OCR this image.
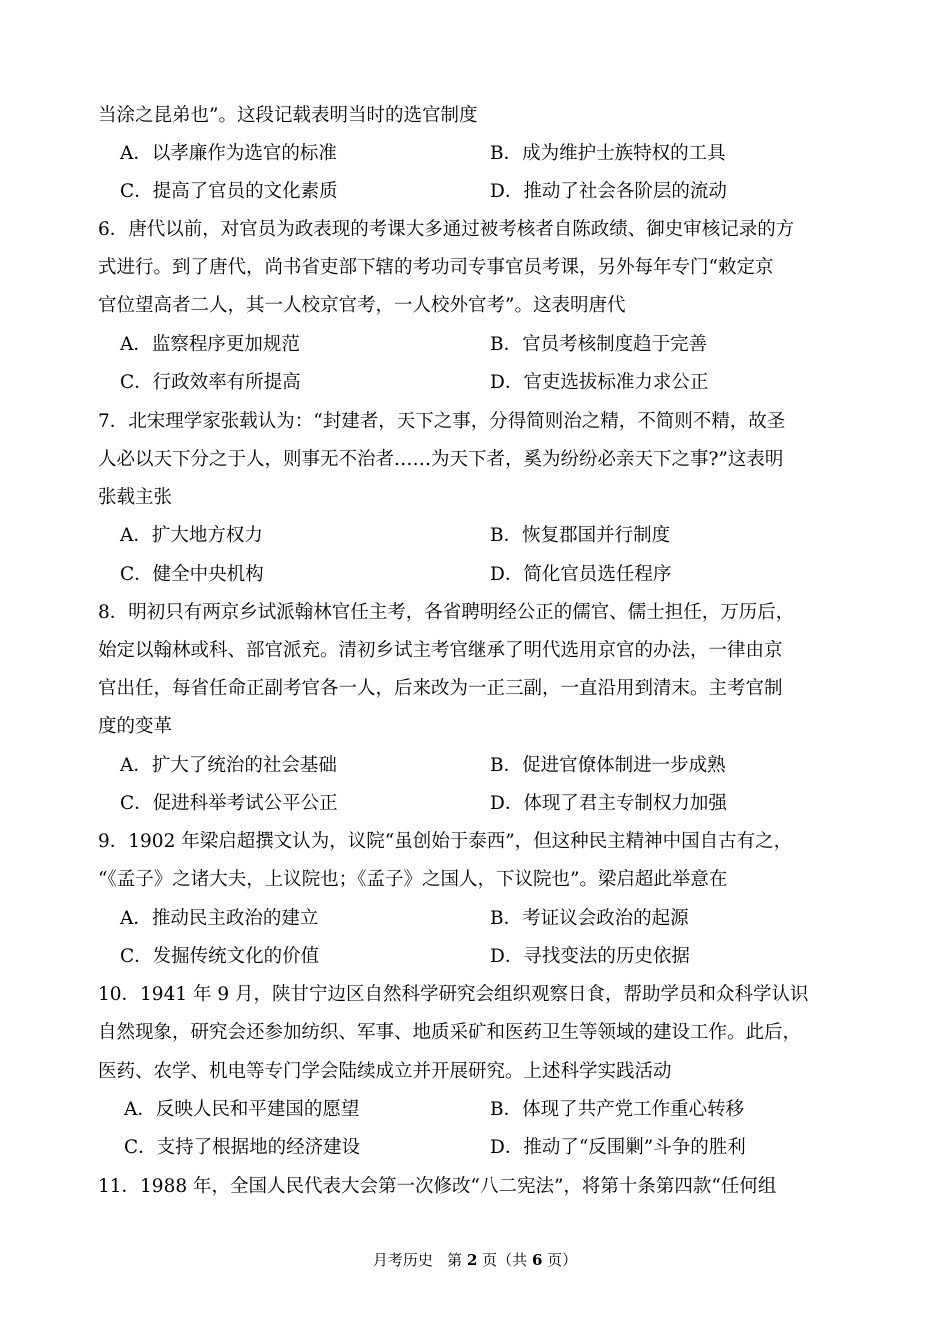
当涂之昆弟也”。这段记载表明当时的选官制度
A．以孝廉作为选官的标准	B．成为维护士族特权的工具
C．提高了官员的文化素质	D．推动了社会各阶层的流动
6．唐代以前，对官员为政表现的考课大多通过被考核者自陈政绩、御史审核记录的方
式进行。到了唐代，尚书省吏部下辖的考功司专事官员考课，另外每年专门“敕定京
官位望高者二人，其一人校京官考，一人校外官考”。这表明唐代
A．监察程序更加规范	B．官员考核制度趋于完善
C．行政效率有所提高	D．官吏选拔标准力求公正
7．北宋理学家张载认为：“封建者，天下之事，分得简则治之精，不简则不精，故圣
人必以天下分之于人，则事无不治者……为天下者，奚为纷纷必亲天下之事?”这表明
张载主张
A．扩大地方权力	B．恢复郡国并行制度
C．健全中央机构	D．简化官员选任程序
8．明初只有两京乡试派翰林官任主考，各省聘明经公正的儒官、儒士担任，万历后，
始定以翰林或科、部官派充。清初乡试主考官继承了明代选用京官的办法，一律由京
官出任，每省任命正副考官各一人，后来改为一正三副，一直沿用到清末。主考官制
度的变革
A．扩大了统治的社会基础	B．促进官僚体制进一步成熟
C．促进科举考试公平公正	D．体现了君主专制权力加强
9．1902 年梁启超撰文认为，议院“虽创始于泰西”，但这种民主精神中国自古有之，
“《孟子》之诸大夫，上议院也；《孟子》之国人，下议院也”。梁启超此举意在
A．推动民主政治的建立	B．考证议会政治的起源
C．发掘传统文化的价值	D．寻找变法的历史依据
10．1941 年 9 月，陕甘宁边区自然科学研究会组织观察日食，帮助学员和众科学认识
自然现象，研究会还参加纺织、军事、地质采矿和医药卫生等领域的建设工作。此后，
医药、农学、机电等专门学会陆续成立并开展研究。上述科学实践活动
A．反映人民和平建国的愿望	B．体现了共产党工作重心转移
C．支持了根据地的经济建设	D．推动了“反围剿”斗争的胜利
11．1988 年，全国人民代表大会第一次修改“八二宪法”，将第十条第四款“任何组
月考历史 第 2 页（共 6 页）
